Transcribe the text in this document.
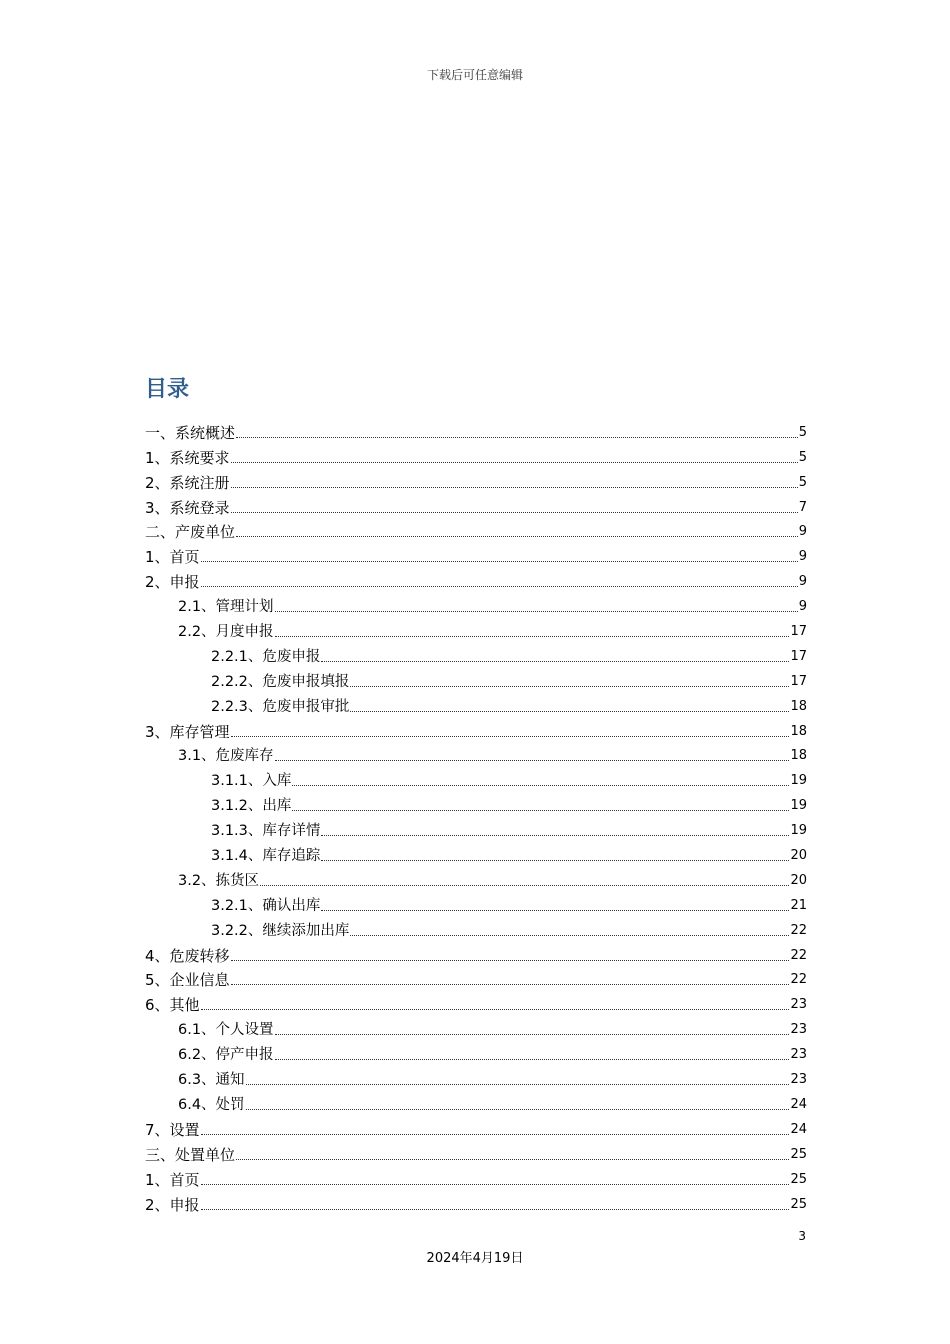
下载后可任意编辑
目录
一、系统概述	5
1、系统要求	5
2、系统注册	5
3、系统登录	7
二、产废单位	9
1、首页	9
2、申报	9
2.1、管理计划	9
2.2、月度申报	17
2.2.1、危废申报	17
2.2.2、危废申报填报	17
2.2.3、危废申报审批	18
3、库存管理	18
3.1、危废库存	18
3.1.1、入库	19
3.1.2、出库	19
3.1.3、库存详情	19
3.1.4、库存追踪	20
3.2、拣货区	20
3.2.1、确认出库	21
3.2.2、继续添加出库	22
4、危废转移	22
5、企业信息	22
6、其他	23
6.1、个人设置	23
6.2、停产申报	23
6.3、通知	23
6.4、处罚	24
7、设置	24
三、处置单位	25
1、首页	25
2、申报	25
3
2024年4月19日
